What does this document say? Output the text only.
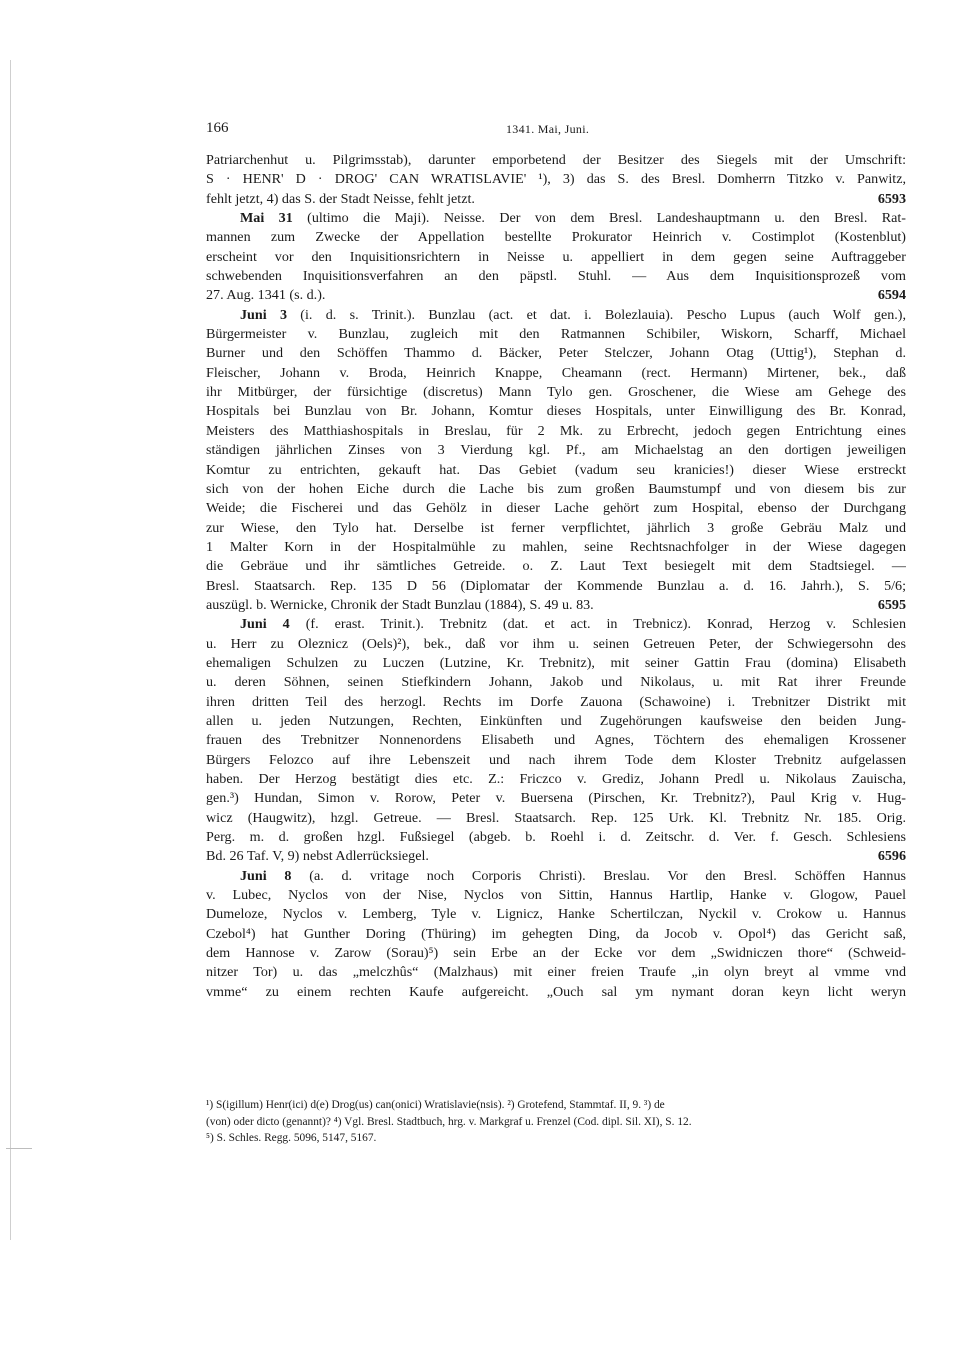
166	1341. Mai, Juni.
Patriarchenhut u. Pilgrimsstab), darunter emporbetend der Besitzer des Siegels mit der Umschrift:
S · HENR' D · DROG' CAN WRATISLAVIE' ¹), 3) das S. des Bresl. Domherrn Titzko v. Panwitz,
6593
fehlt jetzt, 4) das S. der Stadt Neisse, fehlt jetzt.
Mai 31 (ultimo die Maji). Neisse. Der von dem Bresl. Landeshauptmann u. den Bresl. Rat-
mannen zum Zwecke der Appellation bestellte Prokurator Heinrich v. Costimplot (Kostenblut)
erscheint vor den Inquisitionsrichtern in Neisse u. appelliert in dem gegen seine Auftraggeber
schwebenden Inquisitionsverfahren an den päpstl. Stuhl. — Aus dem Inquisitionsprozeß vom
6594
27. Aug. 1341 (s. d.).
Juni 3 (i. d. s. Trinit.). Bunzlau (act. et dat. i. Bolezlauia). Pescho Lupus (auch Wolf gen.),
Bürgermeister v. Bunzlau, zugleich mit den Ratmannen Schibiler, Wiskorn, Scharff, Michael
Burner und den Schöffen Thammo d. Bäcker, Peter Stelczer, Johann Otag (Uttig¹), Stephan d.
Fleischer, Johann v. Broda, Heinrich Knappe, Cheamann (rect. Hermann) Mirtener, bek., daß
ihr Mitbürger, der fürsichtige (discretus) Mann Tylo gen. Groschener, die Wiese am Gehege des
Hospitals bei Bunzlau von Br. Johann, Komtur dieses Hospitals, unter Einwilligung des Br. Konrad,
Meisters des Matthiashospitals in Breslau, für 2 Mk. zu Erbrecht, jedoch gegen Entrichtung eines
ständigen jährlichen Zinses von 3 Vierdung kgl. Pf., am Michaelstag an den dortigen jeweiligen
Komtur zu entrichten, gekauft hat. Das Gebiet (vadum seu kranicies!) dieser Wiese erstreckt
sich von der hohen Eiche durch die Lache bis zum großen Baumstumpf und von diesem bis zur
Weide; die Fischerei und das Gehölz in dieser Lache gehört zum Hospital, ebenso der Durchgang
zur Wiese, den Tylo hat. Derselbe ist ferner verpflichtet, jährlich 3 große Gebräu Malz und
1 Malter Korn in der Hospitalmühle zu mahlen, seine Rechtsnachfolger in der Wiese dagegen
die Gebräue und ihr sämtliches Getreide. o. Z. Laut Text besiegelt mit dem Stadtsiegel. —
Bresl. Staatsarch. Rep. 135 D 56 (Diplomatar der Kommende Bunzlau a. d. 16. Jahrh.), S. 5/6;
6595
auszügl. b. Wernicke, Chronik der Stadt Bunzlau (1884), S. 49 u. 83.
Juni 4 (f. erast. Trinit.). Trebnitz (dat. et act. in Trebnicz). Konrad, Herzog v. Schlesien
u. Herr zu Oleznicz (Oels)²), bek., daß vor ihm u. seinen Getreuen Peter, der Schwiegersohn des
ehemaligen Schulzen zu Luczen (Lutzine, Kr. Trebnitz), mit seiner Gattin Frau (domina) Elisabeth
u. deren Söhnen, seinen Stiefkindern Johann, Jakob und Nikolaus, u. mit Rat ihrer Freunde
ihren dritten Teil des herzogl. Rechts im Dorfe Zauona (Schawoine) i. Trebnitzer Distrikt mit
allen u. jeden Nutzungen, Rechten, Einkünften und Zugehörungen kaufsweise den beiden Jung-
frauen des Trebnitzer Nonnenordens Elisabeth und Agnes, Töchtern des ehemaligen Krossener
Bürgers Felozco auf ihre Lebenszeit und nach ihrem Tode dem Kloster Trebnitz aufgelassen
haben. Der Herzog bestätigt dies etc. Z.: Friczco v. Grediz, Johann Predl u. Nikolaus Zauischa,
gen.³) Hundan, Simon v. Rorow, Peter v. Buersena (Pirschen, Kr. Trebnitz?), Paul Krig v. Hug-
wicz (Haugwitz), hzgl. Getreue. — Bresl. Staatsarch. Rep. 125 Urk. Kl. Trebnitz Nr. 185. Orig.
Perg. m. d. großen hzgl. Fußsiegel (abgeb. b. Roehl i. d. Zeitschr. d. Ver. f. Gesch. Schlesiens
6596
Bd. 26 Taf. V, 9) nebst Adlerrücksiegel.
Juni 8 (a. d. vritage noch Corporis Christi). Breslau. Vor den Bresl. Schöffen Hannus
v. Lubec, Nyclos von der Nise, Nyclos von Sittin, Hannus Hartlip, Hanke v. Glogow, Pauel
Dumeloze, Nyclos v. Lemberg, Tyle v. Lignicz, Hanke Schertilczan, Nyckil v. Crokow u. Hannus
Czebol⁴) hat Gunther Doring (Thüring) im gehegten Ding, da Jocob v. Opol⁴) das Gericht saß,
dem Hannose v. Zarow (Sorau)⁵) sein Erbe an der Ecke vor dem „Swidniczen thore“ (Schweid-
nitzer Tor) u. das „melczhûs“ (Malzhaus) mit einer freien Traufe „in olyn breyt al vmme vnd
vmme“ zu einem rechten Kaufe aufgereicht. „Ouch sal ym nymant doran keyn licht weryn
¹) S(igillum) Henr(ici) d(e) Drog(us) can(onici) Wratislavie(nsis). ²) Grotefend, Stammtaf. II, 9. ³) de
(von) oder dicto (genannt)? ⁴) Vgl. Bresl. Stadtbuch, hrg. v. Markgraf u. Frenzel (Cod. dipl. Sil. XI), S. 12.
⁵) S. Schles. Regg. 5096, 5147, 5167.
